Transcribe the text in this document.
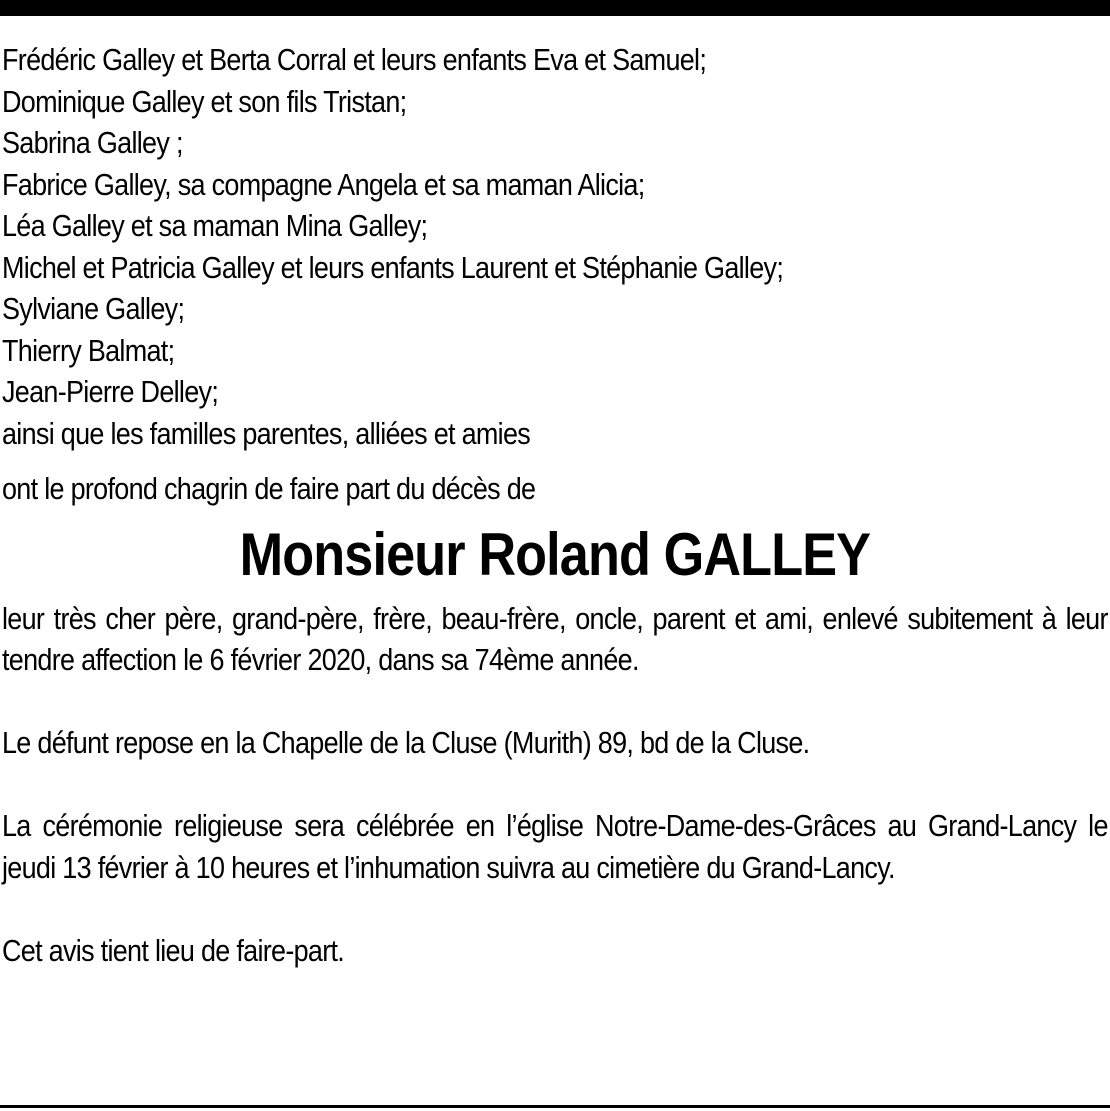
Frédéric Galley et Berta Corral et leurs enfants Eva et Samuel;
Dominique Galley et son fils Tristan;
Sabrina Galley ;
Fabrice Galley, sa compagne Angela et sa maman Alicia;
Léa Galley et sa maman Mina Galley;
Michel et Patricia Galley et leurs enfants Laurent et Stéphanie Galley;
Sylviane Galley;
Thierry Balmat;
Jean-Pierre Delley;
ainsi que les familles parentes, alliées et amies
ont le profond chagrin de faire part du décès de
Monsieur Roland GALLEY
leur très cher père, grand-père, frère, beau-frère, oncle, parent et ami, enlevé subitement à leur tendre affection le 6 février 2020, dans sa 74ème année.
Le défunt repose en la Chapelle de la Cluse (Murith) 89, bd de la Cluse.
La cérémonie religieuse sera célébrée en l’église Notre-Dame-des-Grâces au Grand-Lancy le jeudi 13 février à 10 heures et l’inhumation suivra au cimetière du Grand-Lancy.
Cet avis tient lieu de faire-part.
